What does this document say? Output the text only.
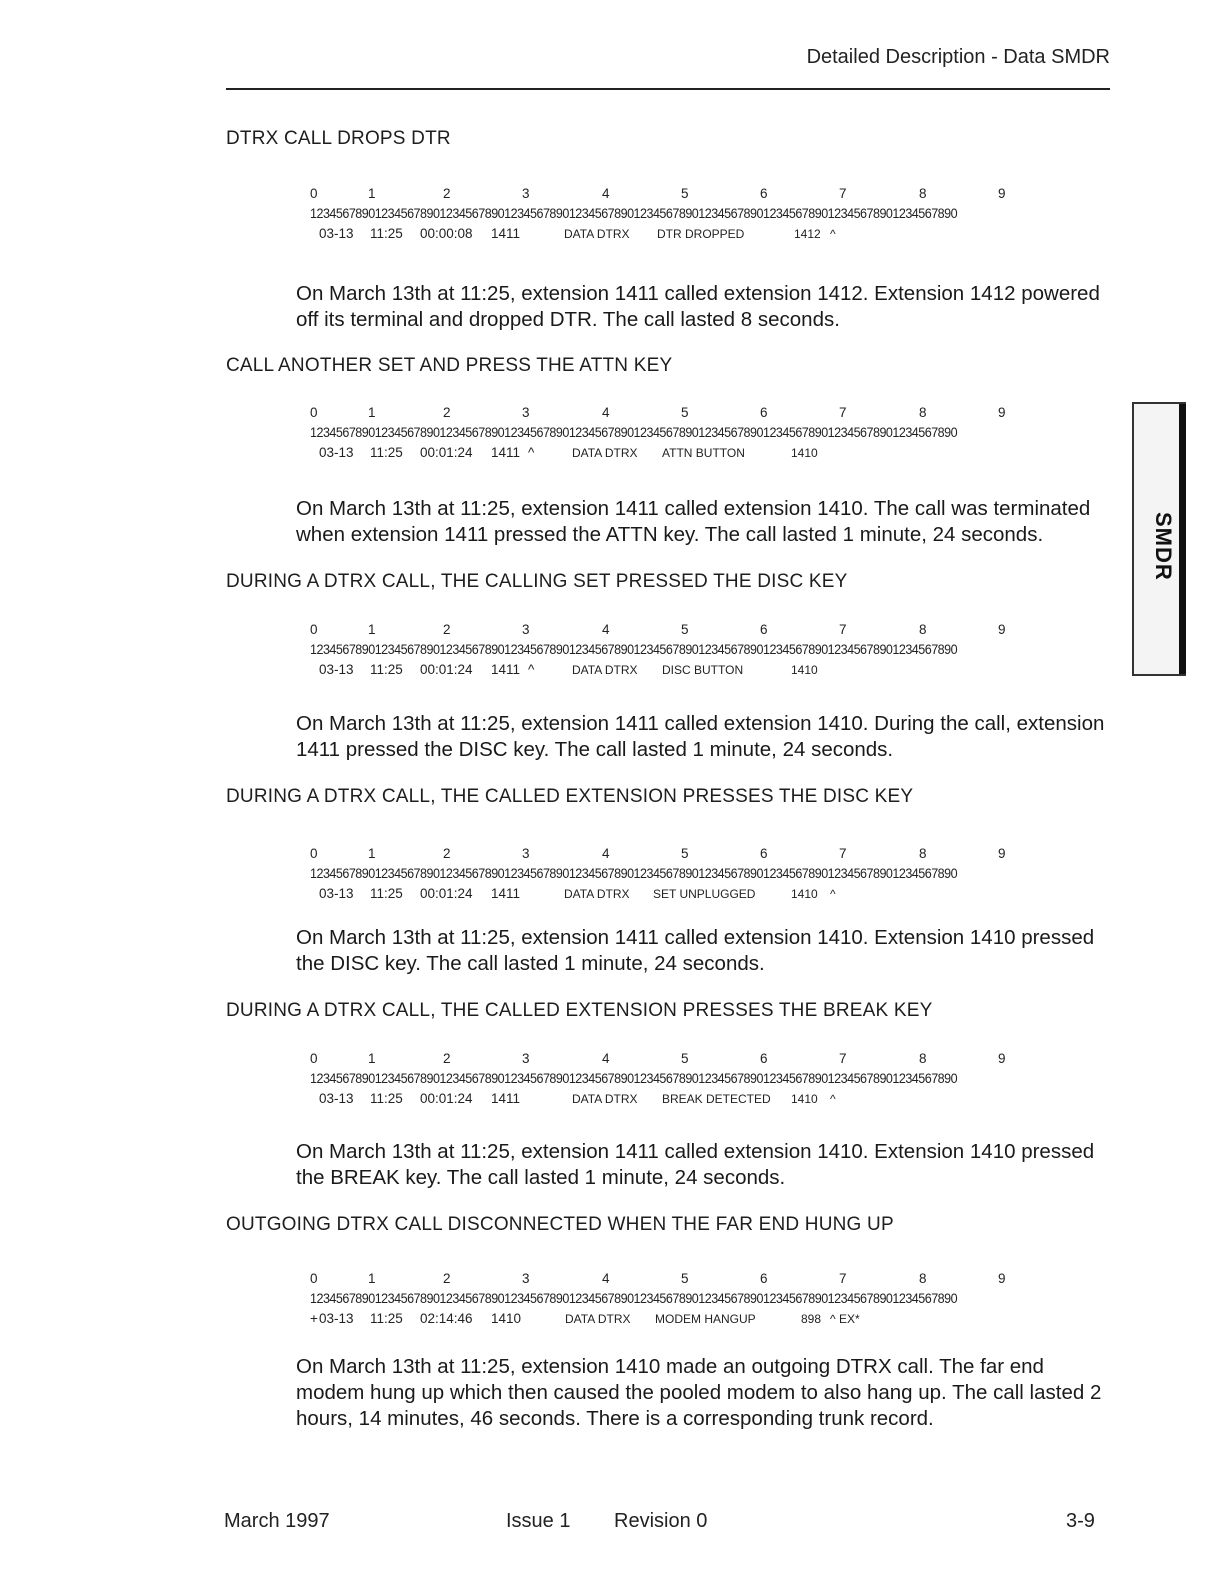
Detailed Description - Data SMDR
DTRX CALL DROPS DTR
0	1	2	3	4	5	6	7	8	9
1234567890123456789012345678901234567890123456789012345678901234567890123456789012345678901234567890
03-13 11:25 00:00:08 1411	DATA DTRX DTR DROPPED	1412 ^
On March 13th at 11:25, extension 1411 called extension 1412. Extension 1412 powered off its terminal and dropped DTR. The call lasted 8 seconds.
CALL ANOTHER SET AND PRESS THE ATTN KEY
0	1	2	3	4	5	6	7	8	9
1234567890123456789012345678901234567890123456789012345678901234567890123456789012345678901234567890
03-13 11:25 00:01:24 1411 ^	DATA DTRX ATTN BUTTON	1410
On March 13th at 11:25, extension 1411 called extension 1410. The call was terminated when extension 1411 pressed the ATTN key. The call lasted 1 minute, 24 seconds.
DURING A DTRX CALL, THE CALLING SET PRESSED THE DISC KEY
0	1	2	3	4	5	6	7	8	9
1234567890123456789012345678901234567890123456789012345678901234567890123456789012345678901234567890
03-13 11:25 00:01:24 1411 ^	DATA DTRX DISC BUTTON	1410
On March 13th at 11:25, extension 1411 called extension 1410. During the call, extension 1411 pressed the DISC key. The call lasted 1 minute, 24 seconds.
DURING A DTRX CALL, THE CALLED EXTENSION PRESSES THE DISC KEY
0	1	2	3	4	5	6	7	8	9
1234567890123456789012345678901234567890123456789012345678901234567890123456789012345678901234567890
03-13 11:25 00:01:24 1411	DATA DTRX SET UNPLUGGED	1410 ^
On March 13th at 11:25, extension 1411 called extension 1410. Extension 1410 pressed the DISC key. The call lasted 1 minute, 24 seconds.
DURING A DTRX CALL, THE CALLED EXTENSION PRESSES THE BREAK KEY
0	1	2	3	4	5	6	7	8	9
1234567890123456789012345678901234567890123456789012345678901234567890123456789012345678901234567890
03-13 11:25 00:01:24 1411	DATA DTRX BREAK DETECTED 1410 ^
On March 13th at 11:25, extension 1411 called extension 1410. Extension 1410 pressed the BREAK key. The call lasted 1 minute, 24 seconds.
OUTGOING DTRX CALL DISCONNECTED WHEN THE FAR END HUNG UP
0	1	2	3	4	5	6	7	8	9
1234567890123456789012345678901234567890123456789012345678901234567890123456789012345678901234567890
+ 03-13 11:25 02:14:46 1410	DATA DTRX MODEM HANGUP	898 ^ EX*
On March 13th at 11:25, extension 1410 made an outgoing DTRX call. The far end modem hung up which then caused the pooled modem to also hang up. The call lasted 2 hours, 14 minutes, 46 seconds. There is a corresponding trunk record.
SMDR
March 1997	Issue 1 Revision 0	3-9
